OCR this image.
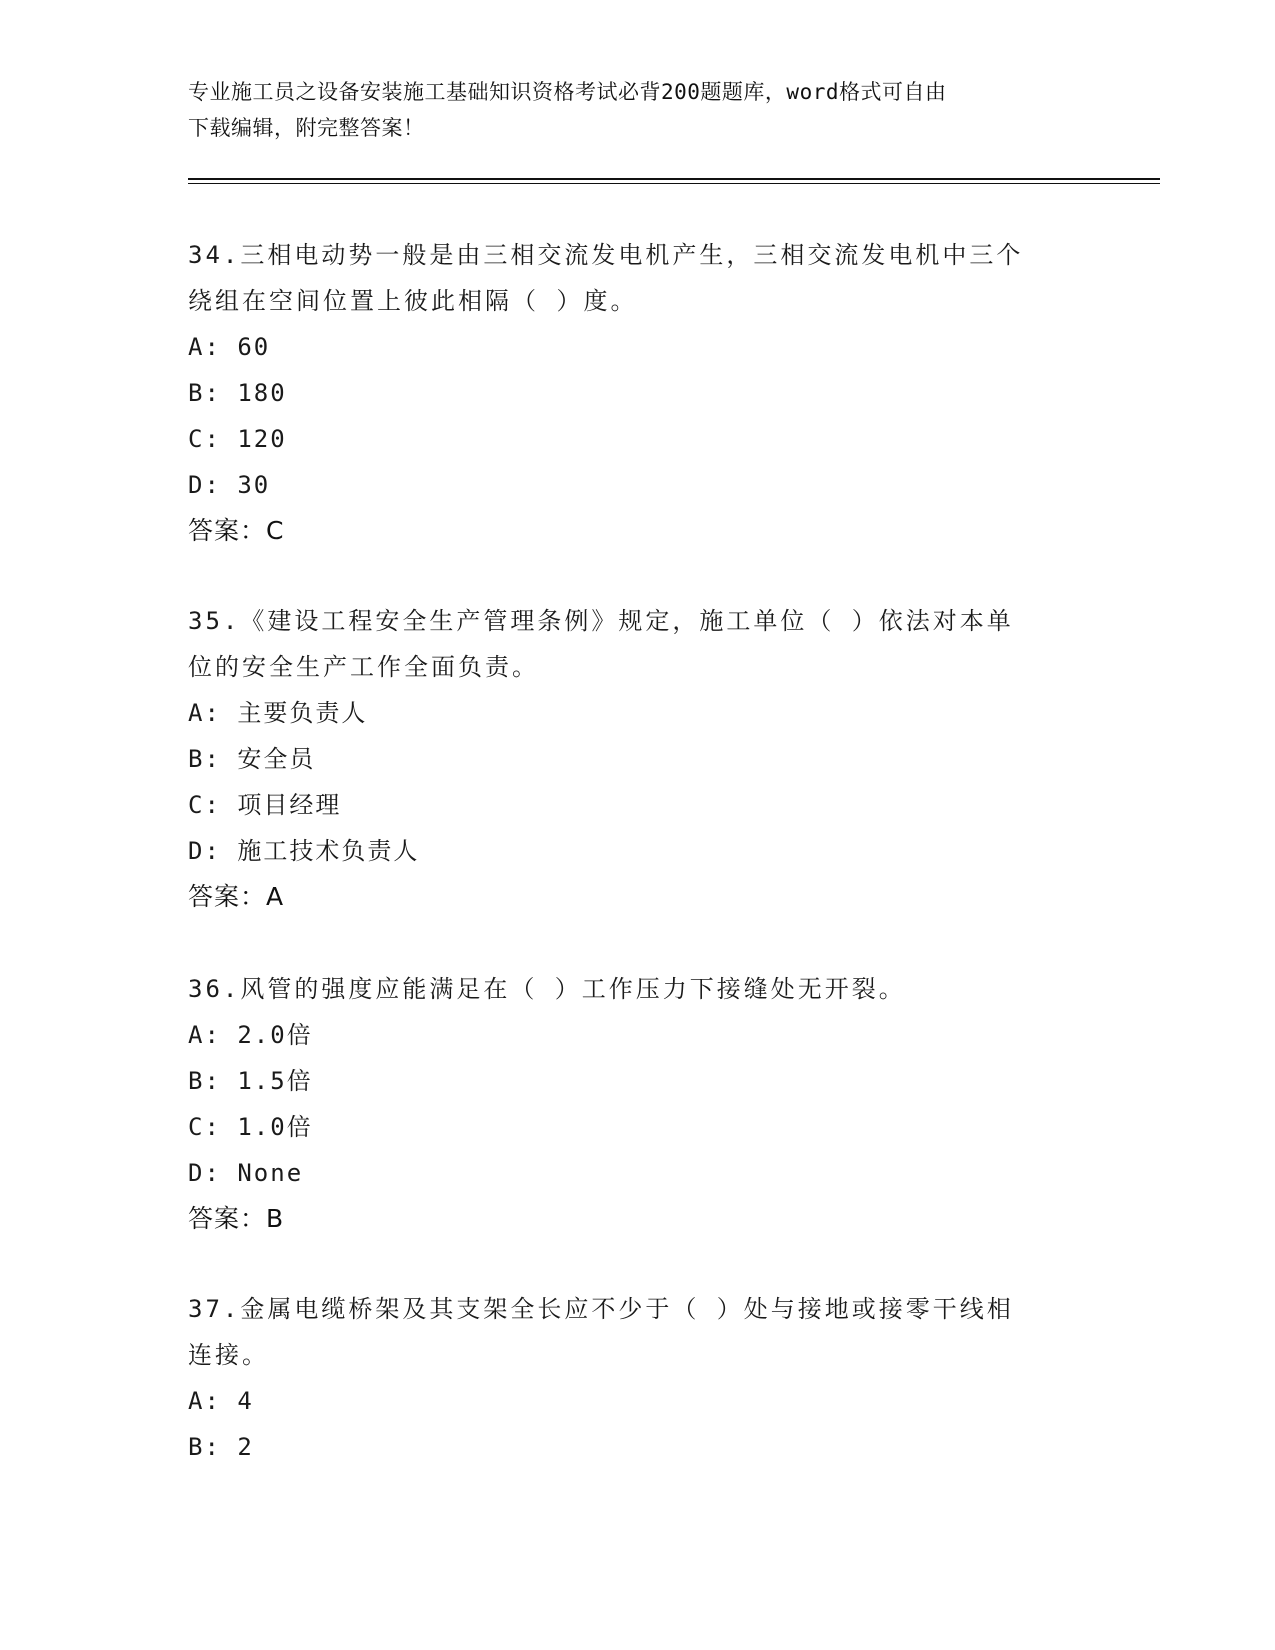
专业施工员之设备安装施工基础知识资格考试必背200题题库，word格式可自由
下载编辑，附完整答案！

34.三相电动势一般是由三相交流发电机产生，三相交流发电机中三个

绕组在空间位置上彼此相隔（ ）度。

A: 60

B: 180

C: 120

D: 30

答案：C

35.《建设工程安全生产管理条例》规定，施工单位（ ）依法对本单

位的安全生产工作全面负责。

A: 主要负责人

B: 安全员

C: 项目经理

D: 施工技术负责人

答案：A

36.风管的强度应能满足在（ ）工作压力下接缝处无开裂。

A: 2.0倍

B: 1.5倍

C: 1.0倍

D: None

答案：B

37.金属电缆桥架及其支架全长应不少于（ ）处与接地或接零干线相

连接。

A: 4

B: 2
